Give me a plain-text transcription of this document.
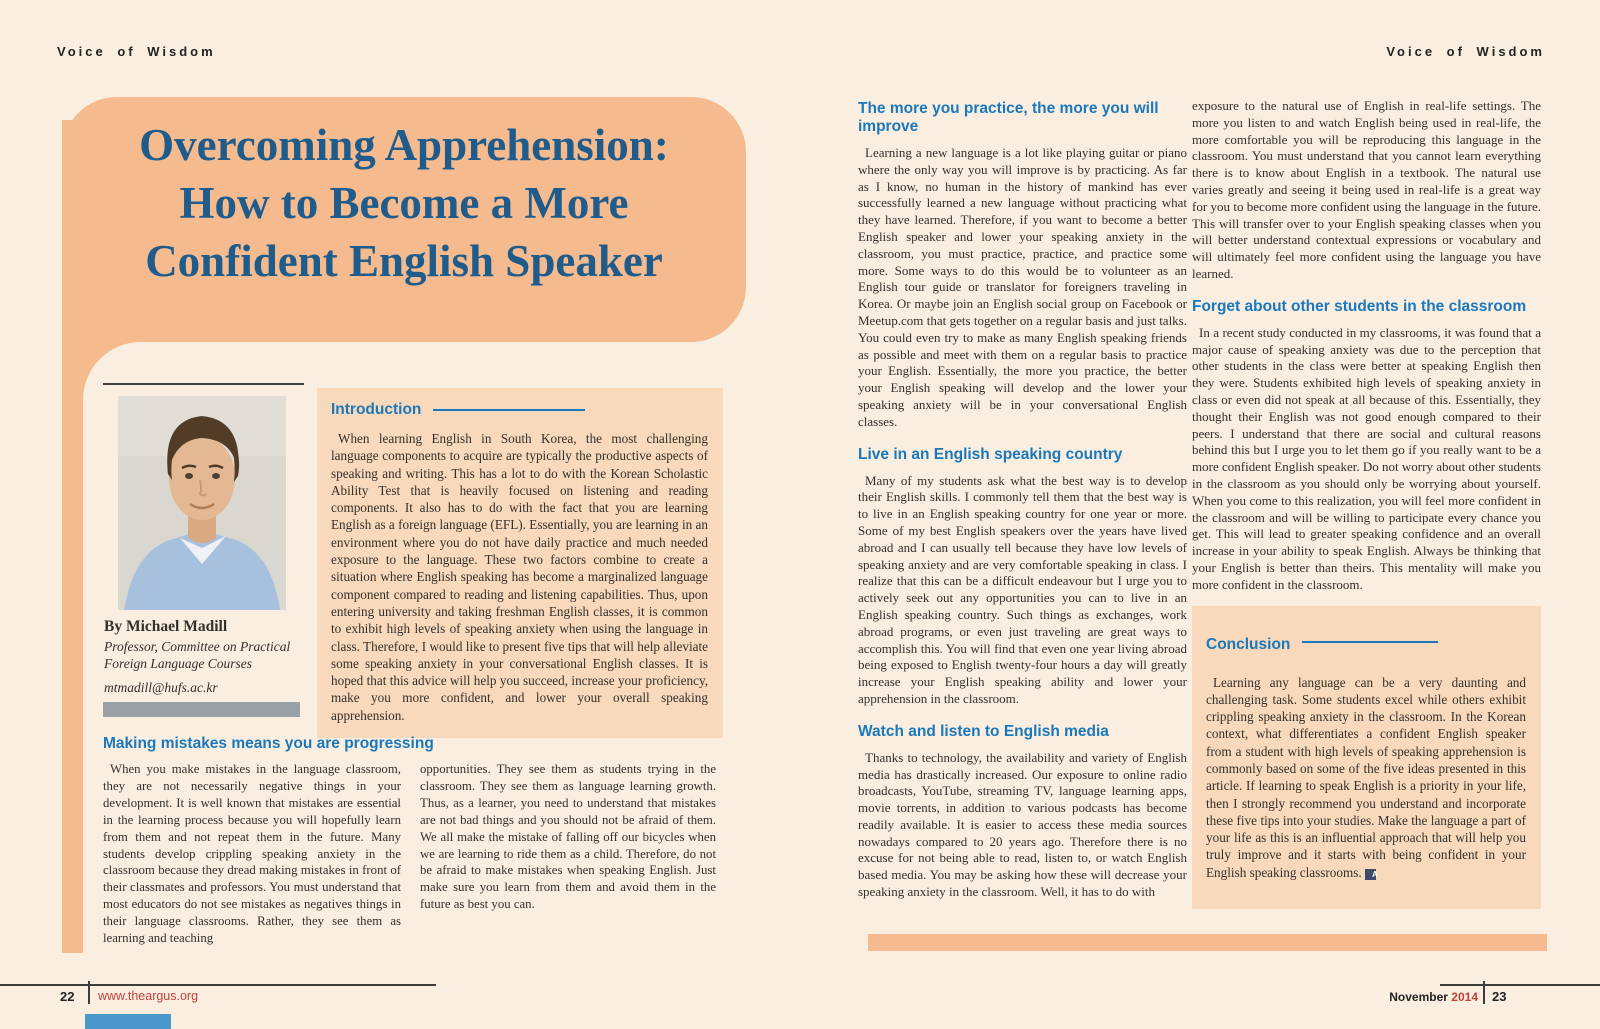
Voice of Wisdom	Voice of Wisdom
Overcoming Apprehension:
How to Become a More
Confident English Speaker
By Michael Madill
Professor, Committee on Practical Foreign Language Courses
mtmadill@hufs.ac.kr
Introduction
When learning English in South Korea, the most challenging language components to acquire are typically the productive aspects of speaking and writing. This has a lot to do with the Korean Scholastic Ability Test that is heavily focused on listening and reading components. It also has to do with the fact that you are learning English as a foreign language (EFL). Essentially, you are learning in an environment where you do not have daily practice and much needed exposure to the language. These two factors combine to create a situation where English speaking has become a marginalized language component compared to reading and listening capabilities. Thus, upon entering university and taking freshman English classes, it is common to exhibit high levels of speaking anxiety when using the language in class. Therefore, I would like to present five tips that will help alleviate some speaking anxiety in your conversational English classes. It is hoped that this advice will help you succeed, increase your proficiency, make you more confident, and lower your overall speaking apprehension.
Making mistakes means you are progressing
When you make mistakes in the language classroom, they are not necessarily negative things in your development. It is well known that mistakes are essential in the learning process because you will hopefully learn from them and not repeat them in the future. Many students develop crippling speaking anxiety in the classroom because they dread making mistakes in front of their classmates and professors. You must understand that most educators do not see mistakes as negatives things in their language classrooms. Rather, they see them as learning and teaching
opportunities. They see them as students trying in the classroom. They see them as language learning growth. Thus, as a learner, you need to understand that mistakes are not bad things and you should not be afraid of them. We all make the mistake of falling off our bicycles when we are learning to ride them as a child. Therefore, do not be afraid to make mistakes when speaking English. Just make sure you learn from them and avoid them in the future as best you can.
The more you practice, the more you will improve
Learning a new language is a lot like playing guitar or piano where the only way you will improve is by practicing. As far as I know, no human in the history of mankind has ever successfully learned a new language without practicing what they have learned. Therefore, if you want to become a better English speaker and lower your speaking anxiety in the classroom, you must practice, practice, and practice some more. Some ways to do this would be to volunteer as an English tour guide or translator for foreigners traveling in Korea. Or maybe join an English social group on Facebook or Meetup.com that gets together on a regular basis and just talks. You could even try to make as many English speaking friends as possible and meet with them on a regular basis to practice your English. Essentially, the more you practice, the better your English speaking will develop and the lower your speaking anxiety will be in your conversational English classes.
Live in an English speaking country
Many of my students ask what the best way is to develop their English skills. I commonly tell them that the best way is to live in an English speaking country for one year or more. Some of my best English speakers over the years have lived abroad and I can usually tell because they have low levels of speaking anxiety and are very comfortable speaking in class. I realize that this can be a difficult endeavour but I urge you to actively seek out any opportunities you can to live in an English speaking country. Such things as exchanges, work abroad programs, or even just traveling are great ways to accomplish this. You will find that even one year living abroad being exposed to English twenty-four hours a day will greatly increase your English speaking ability and lower your apprehension in the classroom.
Watch and listen to English media
Thanks to technology, the availability and variety of English media has drastically increased. Our exposure to online radio broadcasts, YouTube, streaming TV, language learning apps, movie torrents, in addition to various podcasts has become readily available. It is easier to access these media sources nowadays compared to 20 years ago. Therefore there is no excuse for not being able to read, listen to, or watch English based media. You may be asking how these will decrease your speaking anxiety in the classroom. Well, it has to do with
exposure to the natural use of English in real-life settings. The more you listen to and watch English being used in real-life, the more comfortable you will be reproducing this language in the classroom. You must understand that you cannot learn everything there is to know about English in a textbook. The natural use varies greatly and seeing it being used in real-life is a great way for you to become more confident using the language in the future. This will transfer over to your English speaking classes when you will better understand contextual expressions or vocabulary and will ultimately feel more confident using the language you have learned.
Forget about other students in the classroom
In a recent study conducted in my classrooms, it was found that a major cause of speaking anxiety was due to the perception that other students in the class were better at speaking English then they were. Students exhibited high levels of speaking anxiety in class or even did not speak at all because of this. Essentially, they thought their English was not good enough compared to their peers. I understand that there are social and cultural reasons behind this but I urge you to let them go if you really want to be a more confident English speaker. Do not worry about other students in the classroom as you should only be worrying about yourself. When you come to this realization, you will feel more confident in the classroom and will be willing to participate every chance you get. This will lead to greater speaking confidence and an overall increase in your ability to speak English. Always be thinking that your English is better than theirs. This mentality will make you more confident in the classroom.
Conclusion
Learning any language can be a very daunting and challenging task. Some students excel while others exhibit crippling speaking anxiety in the classroom. In the Korean context, what differentiates a confident English speaker from a student with high levels of speaking apprehension is commonly based on some of the five ideas presented in this article. If learning to speak English is a priority in your life, then I strongly recommend you understand and incorporate these five tips into your studies. Make the language a part of your life as this is an influential approach that will help you truly improve and it starts with being confident in your English speaking classrooms. A
22 www.theargus.org	November 2014 23
